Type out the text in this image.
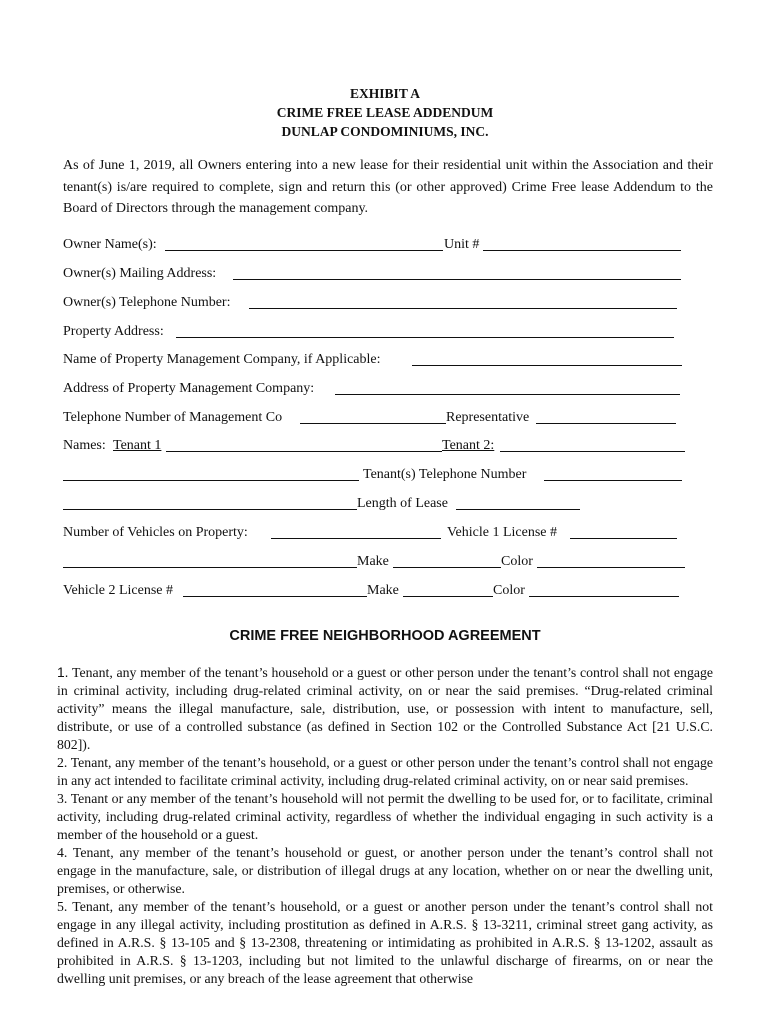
EXHIBIT A
CRIME FREE LEASE ADDENDUM
DUNLAP CONDOMINIUMS, INC.
As of June 1, 2019, all Owners entering into a new lease for their residential unit within the Association and their tenant(s) is/are required to complete, sign and return this (or other approved) Crime Free lease Addendum to the Board of Directors through the management company.
Owner Name(s):	Unit #
Owner(s) Mailing Address:
Owner(s) Telephone Number:
Property Address:
Name of Property Management Company, if Applicable:
Address of Property Management Company:
Telephone Number of Management Co	Representative
Names: Tenant 1	Tenant 2:
Tenant(s) Telephone Number
Length of Lease
Number of Vehicles on Property:	Vehicle 1 License #
Make	Color
Vehicle 2 License #	Make	Color
CRIME FREE NEIGHBORHOOD AGREEMENT

1. Tenant, any member of the tenant’s household or a guest or other person under the tenant’s control shall not engage in criminal activity, including drug-related criminal activity, on or near the said premises. “Drug-related criminal activity” means the illegal manufacture, sale, distribution, use, or possession with intent to manufacture, sell, distribute, or use of a controlled substance (as defined in Section 102 or the Controlled Substance Act [21 U.S.C. 802]).

2. Tenant, any member of the tenant’s household, or a guest or other person under the tenant’s control shall not engage in any act intended to facilitate criminal activity, including drug-related criminal activity, on or near said premises.

3. Tenant or any member of the tenant’s household will not permit the dwelling to be used for, or to facilitate, criminal activity, including drug-related criminal activity, regardless of whether the individual engaging in such activity is a member of the household or a guest.

4. Tenant, any member of the tenant’s household or guest, or another person under the tenant’s control shall not engage in the manufacture, sale, or distribution of illegal drugs at any location, whether on or near the dwelling unit, premises, or otherwise.

5. Tenant, any member of the tenant’s household, or a guest or another person under the tenant’s control shall not engage in any illegal activity, including prostitution as defined in A.R.S. § 13-3211, criminal street gang activity, as defined in A.R.S. § 13-105 and § 13-2308, threatening or intimidating as prohibited in A.R.S. § 13-1202, assault as prohibited in A.R.S. § 13-1203, including but not limited to the unlawful discharge of firearms, on or near the dwelling unit premises, or any breach of the lease agreement that otherwise
